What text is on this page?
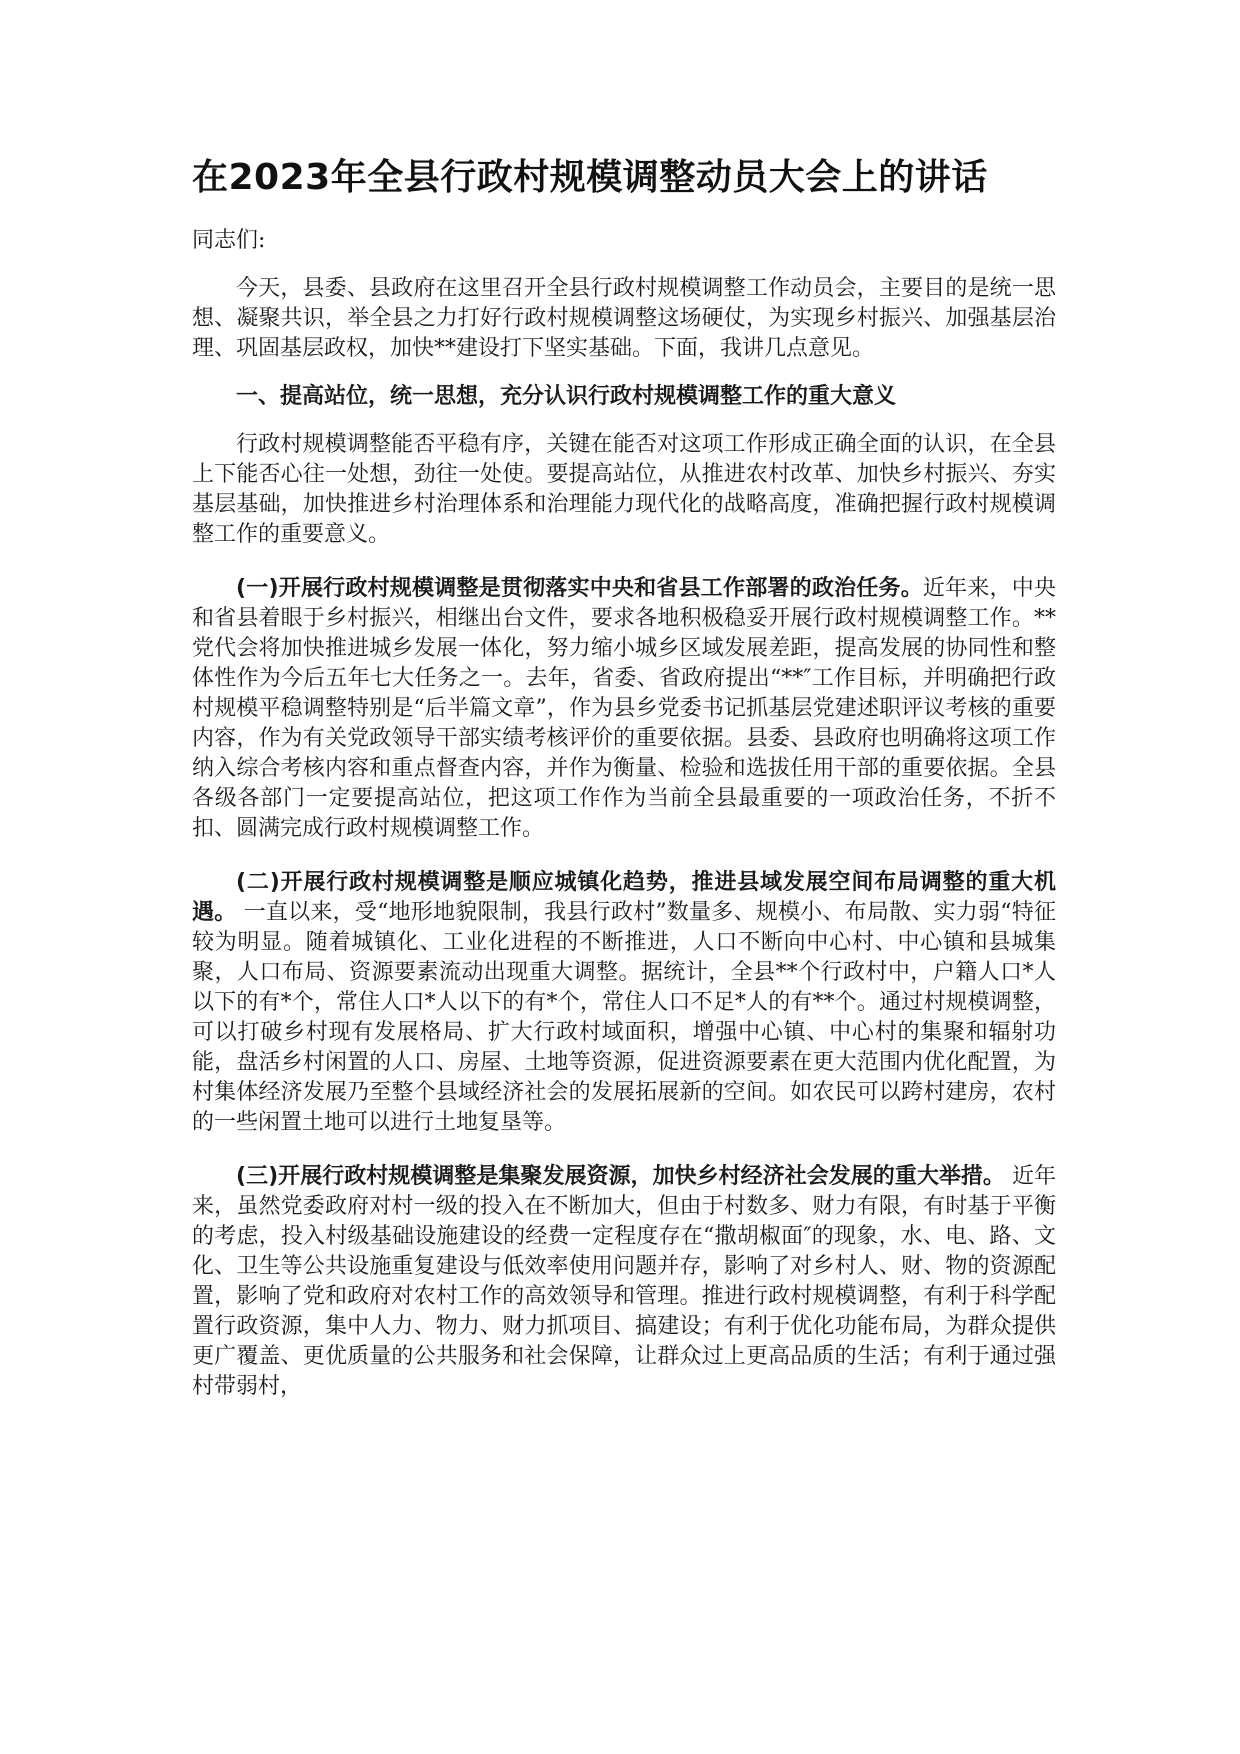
在2023年全县行政村规模调整动员大会上的讲话

同志们:

今天，县委、县政府在这里召开全县行政村规模调整工作动员会，主要目的是统一思想、凝聚共识，举全县之力打好行政村规模调整这场硬仗，为实现乡村振兴、加强基层治理、巩固基层政权，加快**建设打下坚实基础。下面，我讲几点意见。

一、提高站位，统一思想，充分认识行政村规模调整工作的重大意义

行政村规模调整能否平稳有序，关键在能否对这项工作形成正确全面的认识，在全县上下能否心往一处想，劲往一处使。要提高站位，从推进农村改革、加快乡村振兴、夯实基层基础，加快推进乡村治理体系和治理能力现代化的战略高度，准确把握行政村规模调整工作的重要意义。

(一)开展行政村规模调整是贯彻落实中央和省县工作部署的政治任务。近年来，中央和省县着眼于乡村振兴，相继出台文件，要求各地积极稳妥开展行政村规模调整工作。**党代会将加快推进城乡发展一体化，努力缩小城乡区域发展差距，提高发展的协同性和整体性作为今后五年七大任务之一。去年，省委、省政府提出“**″工作目标，并明确把行政村规模平稳调整特别是“后半篇文章”，作为县乡党委书记抓基层党建述职评议考核的重要内容，作为有关党政领导干部实绩考核评价的重要依据。县委、县政府也明确将这项工作纳入综合考核内容和重点督查内容，并作为衡量、检验和选拔任用干部的重要依据。全县各级各部门一定要提高站位，把这项工作作为当前全县最重要的一项政治任务，不折不扣、圆满完成行政村规模调整工作。

(二)开展行政村规模调整是顺应城镇化趋势，推进县域发展空间布局调整的重大机遇。 一直以来，受“地形地貌限制，我县行政村”数量多、规模小、布局散、实力弱“特征较为明显。随着城镇化、工业化进程的不断推进，人口不断向中心村、中心镇和县城集聚，人口布局、资源要素流动出现重大调整。据统计，全县**个行政村中，户籍人口*人以下的有*个，常住人口*人以下的有*个，常住人口不足*人的有**个。通过村规模调整，可以打破乡村现有发展格局、扩大行政村域面积，增强中心镇、中心村的集聚和辐射功能，盘活乡村闲置的人口、房屋、土地等资源，促进资源要素在更大范围内优化配置，为村集体经济发展乃至整个县域经济社会的发展拓展新的空间。如农民可以跨村建房，农村的一些闲置土地可以进行土地复垦等。

(三)开展行政村规模调整是集聚发展资源，加快乡村经济社会发展的重大举措。 近年来，虽然党委政府对村一级的投入在不断加大，但由于村数多、财力有限，有时基于平衡的考虑，投入村级基础设施建设的经费一定程度存在“撒胡椒面″的现象，水、电、路、文化、卫生等公共设施重复建设与低效率使用问题并存，影响了对乡村人、财、物的资源配置，影响了党和政府对农村工作的高效领导和管理。推进行政村规模调整，有利于科学配置行政资源，集中人力、物力、财力抓项目、搞建设；有利于优化功能布局，为群众提供更广覆盖、更优质量的公共服务和社会保障，让群众过上更高品质的生活；有利于通过强村带弱村，
